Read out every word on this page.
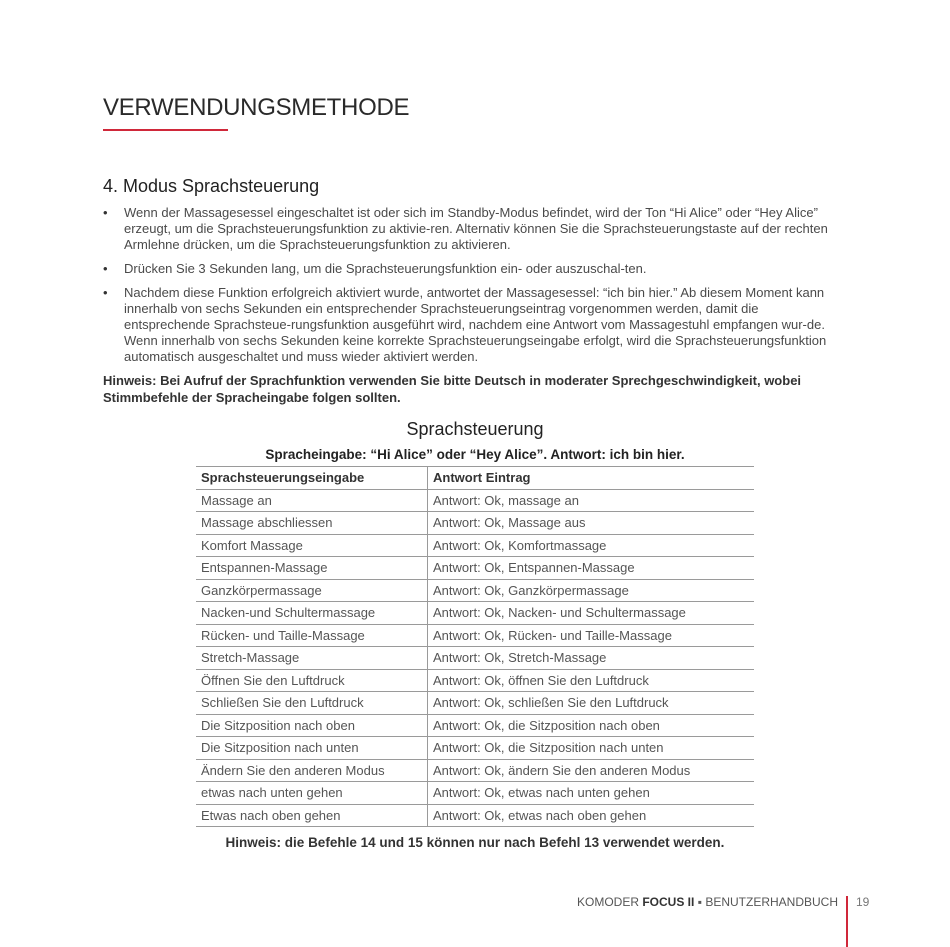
VERWENDUNGSMETHODE
4. Modus Sprachsteuerung
• Wenn der Massagesessel eingeschaltet ist oder sich im Standby-Modus befindet, wird der Ton “Hi Alice” oder “Hey Alice” erzeugt, um die Sprachsteuerungsfunktion zu aktivie-ren. Alternativ können Sie die Sprachsteuerungstaste auf der rechten Armlehne drücken, um die Sprachsteuerungsfunktion zu aktivieren.
• Drücken Sie 3 Sekunden lang, um die Sprachsteuerungsfunktion ein- oder auszuschal-ten.
• Nachdem diese Funktion erfolgreich aktiviert wurde, antwortet der Massagesessel: “ich bin hier.” Ab diesem Moment kann innerhalb von sechs Sekunden ein entsprechender Sprachsteuerungseintrag vorgenommen werden, damit die entsprechende Sprachsteue-rungsfunktion ausgeführt wird, nachdem eine Antwort vom Massagestuhl empfangen wur-de. Wenn innerhalb von sechs Sekunden keine korrekte Sprachsteuerungseingabe erfolgt, wird die Sprachsteuerungsfunktion automatisch ausgeschaltet und muss wieder aktiviert werden.
Hinweis: Bei Aufruf der Sprachfunktion verwenden Sie bitte Deutsch in moderater Sprechgeschwindigkeit, wobei Stimmbefehle der Spracheingabe folgen sollten.
Sprachsteuerung
Spracheingabe: “Hi Alice” oder “Hey Alice”. Antwort: ich bin hier.
Sprachsteuerungseingabe	Antwort Eintrag
Massage an	Antwort: Ok, massage an
Massage abschliessen	Antwort: Ok, Massage aus
Komfort Massage	Antwort: Ok, Komfortmassage
Entspannen-Massage	Antwort: Ok, Entspannen-Massage
Ganzkörpermassage	Antwort: Ok, Ganzkörpermassage
Nacken-und Schultermassage	Antwort: Ok, Nacken- und Schultermassage
Rücken- und Taille-Massage	Antwort: Ok, Rücken- und Taille-Massage
Stretch-Massage	Antwort: Ok, Stretch-Massage
Öffnen Sie den Luftdruck	Antwort: Ok, öffnen Sie den Luftdruck
Schließen Sie den Luftdruck	Antwort: Ok, schließen Sie den Luftdruck
Die Sitzposition nach oben	Antwort: Ok, die Sitzposition nach oben
Die Sitzposition nach unten	Antwort: Ok, die Sitzposition nach unten
Ändern Sie den anderen Modus	Antwort: Ok, ändern Sie den anderen Modus
etwas nach unten gehen	Antwort: Ok, etwas nach unten gehen
Etwas nach oben gehen	Antwort: Ok, etwas nach oben gehen
Hinweis: die Befehle 14 und 15 können nur nach Befehl 13 verwendet werden.
KOMODER FOCUS II ▪ BENUTZERHANDBUCH 19
